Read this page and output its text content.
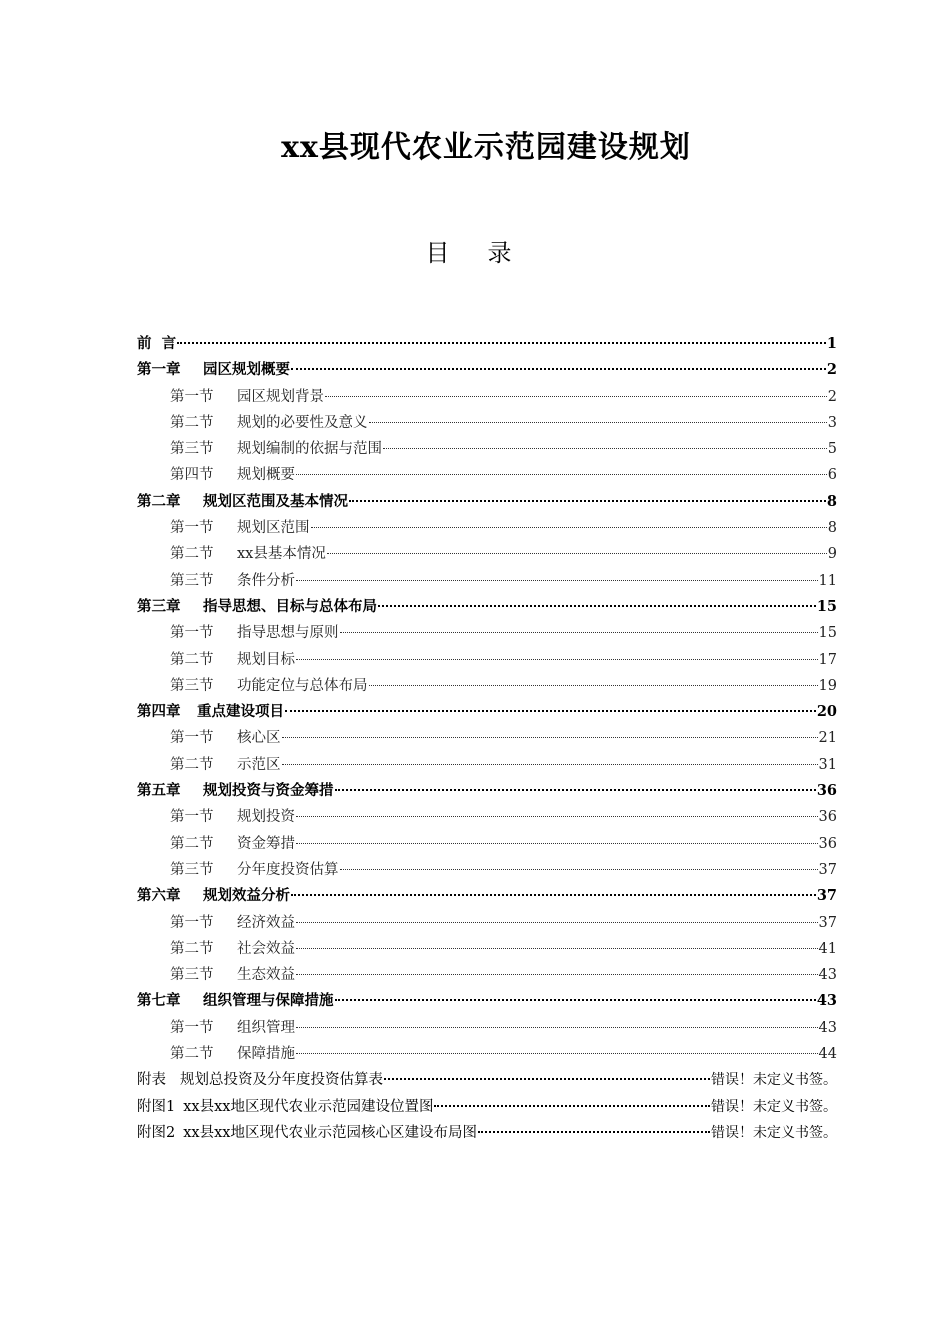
xx县现代农业示范园建设规划
目录
前  言	1
第一章	园区规划概要	2
第一节	园区规划背景	2
第二节	规划的必要性及意义	3
第三节	规划编制的依据与范围	5
第四节	规划概要	6
第二章	规划区范围及基本情况	8
第一节	规划区范围	8
第二节	xx县基本情况	9
第三节	条件分析	11
第三章	指导思想、目标与总体布局	15
第一节	指导思想与原则	15
第二节	规划目标	17
第三节	功能定位与总体布局	19
第四章	重点建设项目	20
第一节	核心区	21
第二节	示范区	31
第五章	规划投资与资金筹措	36
第一节	规划投资	36
第二节	资金筹措	36
第三节	分年度投资估算	37
第六章	规划效益分析	37
第一节	经济效益	37
第二节	社会效益	41
第三节	生态效益	43
第七章	组织管理与保障措施	43
第一节	组织管理	43
第二节	保障措施	44
附表 规划总投资及分年度投资估算表	错误！未定义书签。
附图1 xx县xx地区现代农业示范园建设位置图	错误！未定义书签。
附图2 xx县xx地区现代农业示范园核心区建设布局图	错误！未定义书签。
